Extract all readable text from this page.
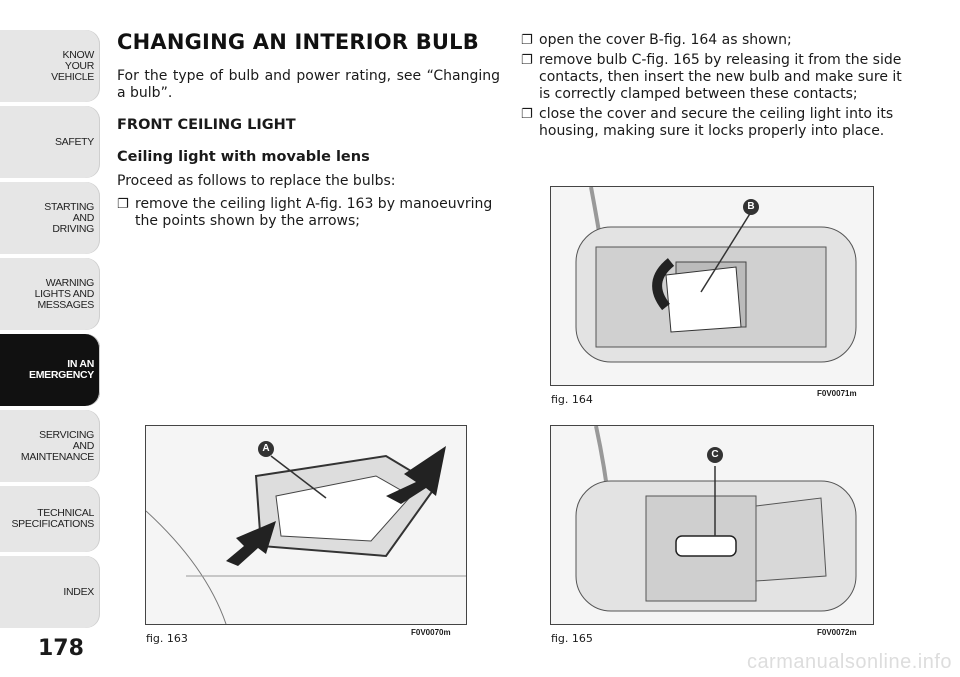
KNOW
YOUR
VEHICLE
SAFETY
STARTING
AND
DRIVING
WARNING
LIGHTS AND
MESSAGES
IN AN
EMERGENCY
SERVICING
AND
MAINTENANCE
TECHNICAL
SPECIFICATIONS
INDEX
178
CHANGING AN INTERIOR BULB

For the type of bulb and power rating, see “Changing a bulb”.

FRONT CEILING LIGHT
Ceiling light with movable lens

Proceed as follows to replace the bulbs:

❐ remove the ceiling light A-fig. 163 by manoeuvring the points shown by the arrows;
❐ open the cover B-fig. 164 as shown;
❐ remove bulb C-fig. 165 by releasing it from the side contacts, then insert the new bulb and make sure it is correctly clamped between these contacts;
❐ close the cover and secure the ceiling light into its housing, making sure it locks properly into place.
B
fig. 164	F0V0071m
A
fig. 163	F0V0070m
C
fig. 165	F0V0072m
carmanualsonline.info
